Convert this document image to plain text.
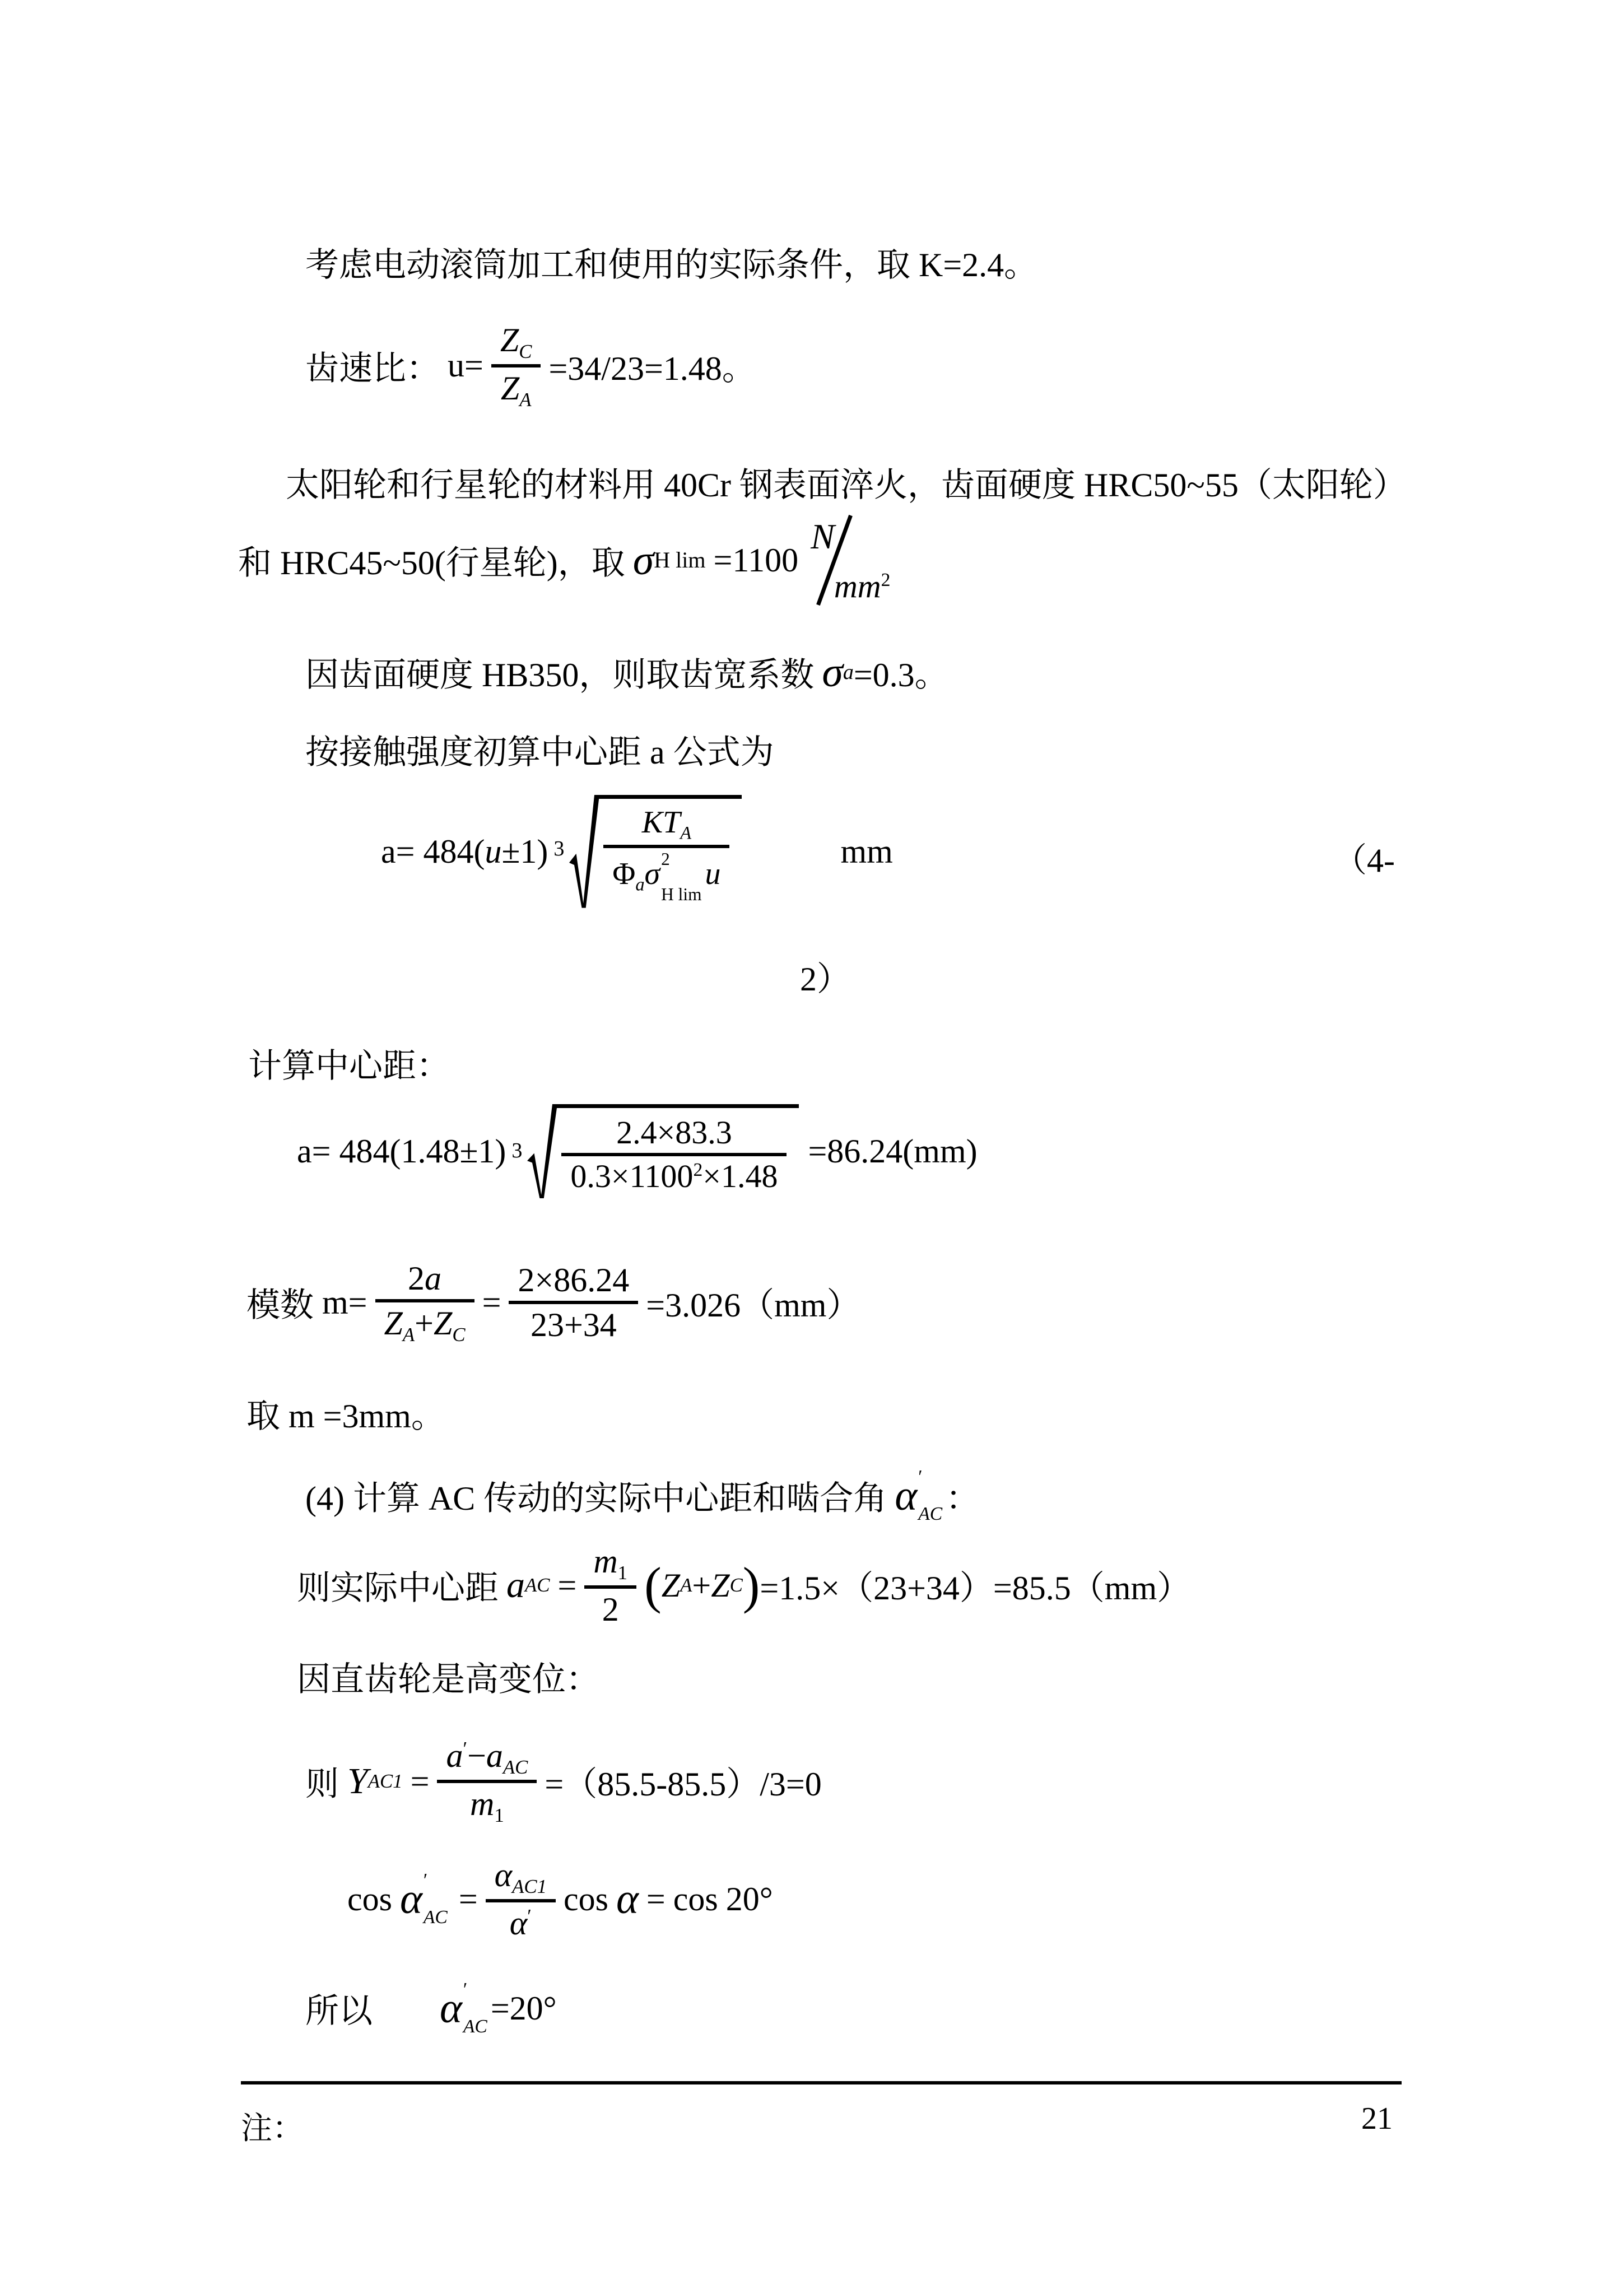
考虑电动滚筒加工和使用的实际条件，取 K=2.4。
齿速比： u=
$Z_C$
$Z_A$
=34/23=1.48。
太阳轮和行星轮的材料用 40Cr 钢表面淬火，齿面硬度 HRC50~55（太阳轮）
和 HRC45~50(行星轮)，取 σ H lim =1100
N
$mm^2$
因齿面硬度 HB350，则取齿宽系数 σ a =0.3。
按接触强度初算中心距 a 公式为
a= 484( u ±1) 3
$KT_A$
$\Phi_a\sigma$ 2
H lim
u
mm	（4-
2）
计算中心距：
a= 484(1.48 ±1) 3
2.4×83.3
$0.3\times 1100^2\times 1.48$
=86.24(mm)
模数 m=
2a
$Z_A+Z_C$
=
2×86.24
23+34
=3.026（mm）
取 m =3mm。
(4) 计算 AC 传动的实际中心距和啮合角 α ′
AC ：
则实际中心距 a AC =
$m_1$
2 ( Z A + Z C ) =1.5×（23+34）=85.5（mm）
因直齿轮是高变位：
则 Y AC1 =
$a'-a_{AC}$
$m_1$
=（85.5-85.5）/3=0
cos α ′
AC =
$\alpha_{AC1}$
α′ cos α = cos 20°
所以 α ′
AC =20°
注：	21
